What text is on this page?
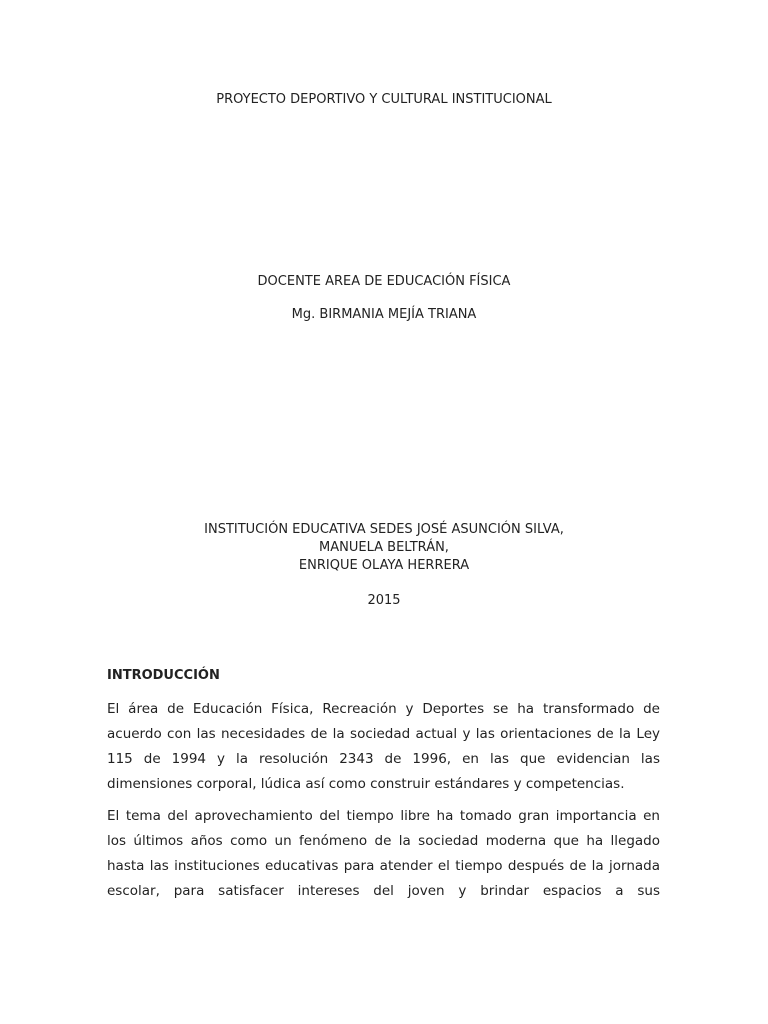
PROYECTO DEPORTIVO Y CULTURAL INSTITUCIONAL
DOCENTE AREA DE EDUCACIÓN FÍSICA
Mg. BIRMANIA MEJÍA TRIANA
INSTITUCIÓN EDUCATIVA SEDES JOSÉ ASUNCIÓN SILVA,
MANUELA BELTRÁN,
ENRIQUE OLAYA HERRERA
2015
INTRODUCCIÓN
El área de Educación Física, Recreación y Deportes se ha transformado de
acuerdo con las necesidades de la sociedad actual y las orientaciones de la Ley
115 de 1994 y la resolución 2343 de 1996, en las que evidencian las
dimensiones corporal, lúdica así como construir estándares y competencias.
El tema del aprovechamiento del tiempo libre ha tomado gran importancia en
los últimos años como un fenómeno de la sociedad moderna que ha llegado
hasta las instituciones educativas para atender el tiempo después de la jornada
escolar, para satisfacer intereses del joven y brindar espacios a sus
